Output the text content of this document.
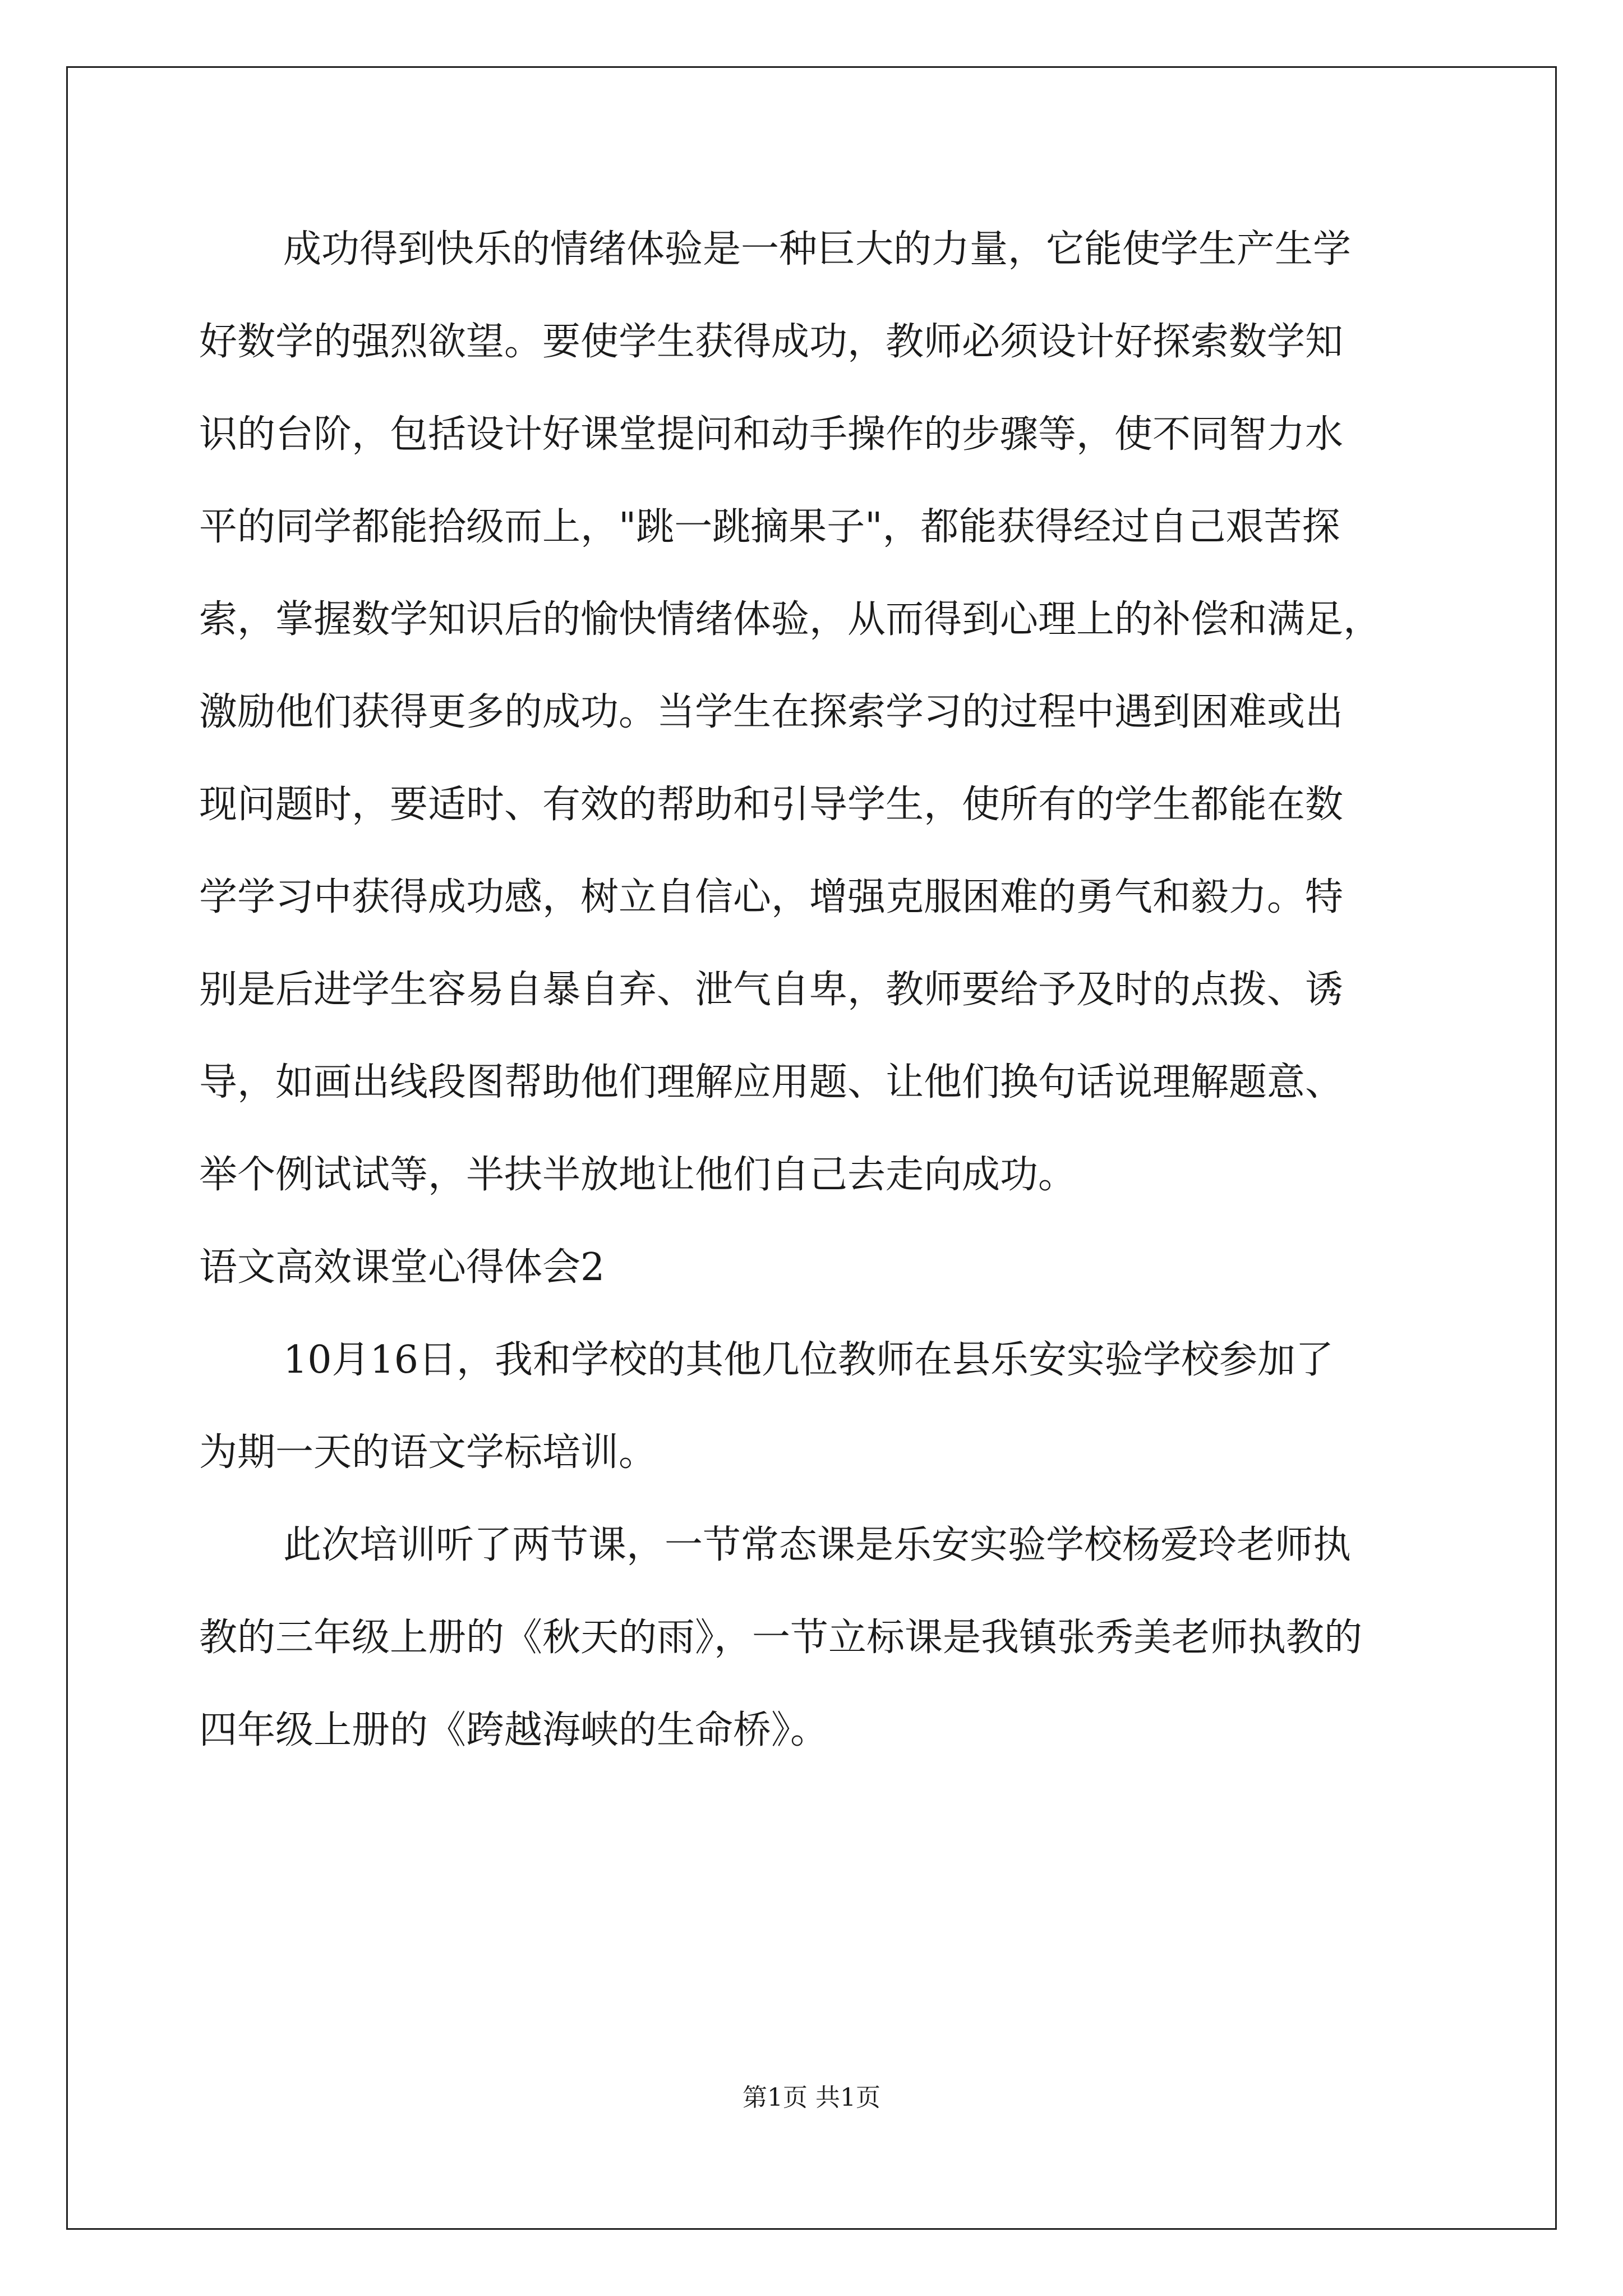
成功得到快乐的情绪体验是一种巨大的力量，它能使学生产生学
好数学的强烈欲望。要使学生获得成功，教师必须设计好探索数学知
识的台阶，包括设计好课堂提问和动手操作的步骤等，使不同智力水
平的同学都能拾级而上，"跳一跳摘果子"，都能获得经过自己艰苦探
索，掌握数学知识后的愉快情绪体验，从而得到心理上的补偿和满足，
激励他们获得更多的成功。当学生在探索学习的过程中遇到困难或出
现问题时，要适时、有效的帮助和引导学生，使所有的学生都能在数
学学习中获得成功感，树立自信心，增强克服困难的勇气和毅力。特
别是后进学生容易自暴自弃、泄气自卑，教师要给予及时的点拨、诱
导，如画出线段图帮助他们理解应用题、让他们换句话说理解题意、
举个例试试等，半扶半放地让他们自己去走向成功。
语文高效课堂心得体会2
10月16日，我和学校的其他几位教师在县乐安实验学校参加了
为期一天的语文学标培训。
此次培训听了两节课，一节常态课是乐安实验学校杨爱玲老师执
教的三年级上册的《秋天的雨》，一节立标课是我镇张秀美老师执教的
四年级上册的《跨越海峡的生命桥》。
第1页 共1页
